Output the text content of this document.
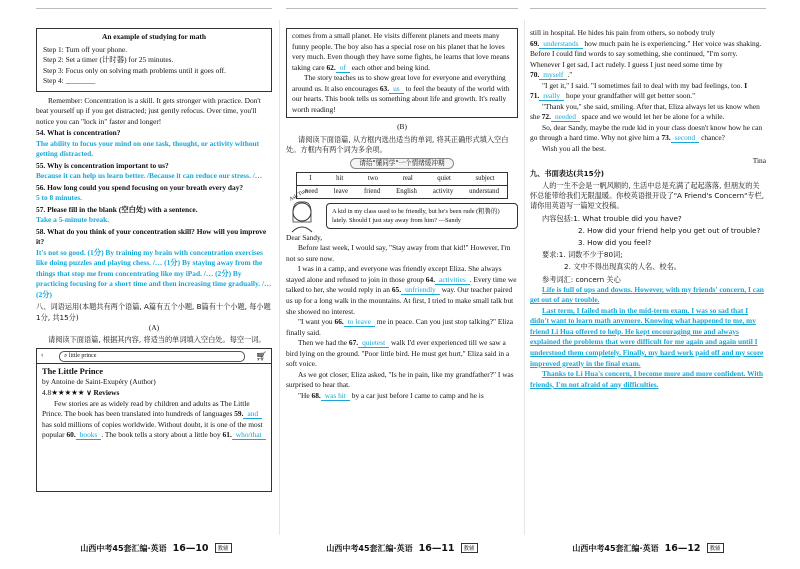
An example of studying for math

Step 1: Turn off your phone.

Step 2: Set a timer (计时器) for 25 minutes.

Step 3: Focus only on solving math problems until it goes off.

Step 4: ________

Remember: Concentration is a skill. It gets stronger with practice. Don't beat yourself up if you get distracted; just gently refocus. Over time, you'll notice you can "lock in" faster and longer!

54. What is concentration?

The ability to focus your mind on one task, thought, or activity without getting distracted.

55. Why is concentration important to us?

Because it can help us learn better. /Because it can reduce our stress. /…

56. How long could you spend focusing on your breath every day?

5 to 8 minutes.

57. Please fill in the blank (空白处) with a sentence.

Take a 5-minute break.

58. What do you think of your concentration skill? How will you improve it?

It's not so good. (1分) By training my brain with concentration exercises like doing puzzles and playing chess. /… (1分) By staying away from the things that stop me from concentrating like my iPad. /… (2分) By practicing focusing for a short time and then increasing time gradually. /… (2分)

八、词语运用(本题共有两个语篇, A篇有五个小题, B篇有十个小题, 每小题1分, 共15分)

(A)

请阅读下面语篇, 根据其内容, 将适当的单词填入空白处。每空一词。

‹	⌕ little prince	🛒︎

The Little Prince

by Antoine de Saint-Exupéry (Author)

4.8★★★★★ ∨ Reviews

Few stories are as widely read by children and adults as The Little Prince. The book has been translated into hundreds of languages 59. and has sold millions of copies worldwide. Without doubt, it is one of the most popular 60. books . The book tells a story about a little boy 61. who/that

comes from a small planet. He visits different planets and meets many funny people. The boy also has a special rose on his planet that he loves very much. Even though they have some fights, he learns that love means taking care 62. of each other and being kind.

The story teaches us to show great love for everyone and everything around us. It also encourages 63. us to feel the beauty of the world with our hearts. This book tells us something about life and growth. It's really worth reading!

(B)

请阅读下面语篇, 从方框内选出适当的单词, 将其正确形式填入空白处。方框内有两个词为多余项。

请给"懂同学"一个情绪缓冲期
I	hit	two	real	quiet	subject
need leave friend English activity understand
Ask Tina
A kid in my class used to be friendly, but he's been rude (粗鲁的) lately. Should I just stay away from him? —Sandy

Dear Sandy,

Before last week, I would say, "Stay away from that kid!" However, I'm not so sure now.

I was in a camp, and everyone was friendly except Eliza. She always stayed alone and refused to join in those group 64. activities . Every time we talked to her, she would reply in an 65. unfriendly way. Our teacher paired us up for a long walk in the mountains. At first, I tried to make small talk but she showed no interest.

"I want you 66. to leave me in peace. Can you just stop talking?" Eliza finally said.

Then we had the 67. quietest walk I'd ever experienced till we saw a bird lying on the ground. "Poor little bird. He must get hurt," Eliza said in a soft voice.

As we got closer, Eliza asked, "Is he in pain, like my grandfather?" I was surprised to hear that.

"He 68. was hit by a car just before I came to camp and he is

still in hospital. He hides his pain from others, so nobody truly 69. understands how much pain he is experiencing." Her voice was shaking. Before I could find words to say something, she continued, "I'm sorry. Whenever I get sad, I act rudely. I guess I just need some time by 70. myself ."

"I get it," I said. "I sometimes fail to deal with my bad feelings, too. I 71. really hope your grandfather will get better soon."

"Thank you," she said, smiling. After that, Eliza always let us know when she 72. needed space and we would let her be alone for a while.

So, dear Sandy, maybe the rude kid in your class doesn't know how he can go through a hard time. Why not give him a 73. second chance?

Wish you all the best.

Tina

九、书面表达(共15分)

人的一生不会是一帆风顺的, 生活中总是充满了起起落落, 但朋友的关怀总能带给我们无限温暖。你校英语报开设了"A Friend's Concern"专栏, 请你用英语写一篇短文投稿。

内容包括:1. What trouble did you have?

2. How did your friend help you get out of trouble?

3. How did you feel?

要求:1. 词数不少于80词;

2. 文中不得出现真实的人名、校名。

参考词汇: concern 关心

Life is full of ups and downs. However, with my friends' concern, I can get out of any trouble.

Last term, I failed math in the mid-term exam. I was so sad that I didn't want to learn math anymore. Knowing what happened to me, my friend Li Hua offered to help. He kept encouraging me and always explained the problems that were difficult for me again and again until I understood them completely. Finally, my hard work paid off and my score improved greatly in the final exam.

Thanks to Li Hua's concern, I become more and more confident. With friends, I'm not afraid of any difficulties.

山西中考45套汇编·英语 16—10	教辅	山西中考45套汇编·英语 16—11	教辅	山西中考45套汇编·英语 16—12	教辅
